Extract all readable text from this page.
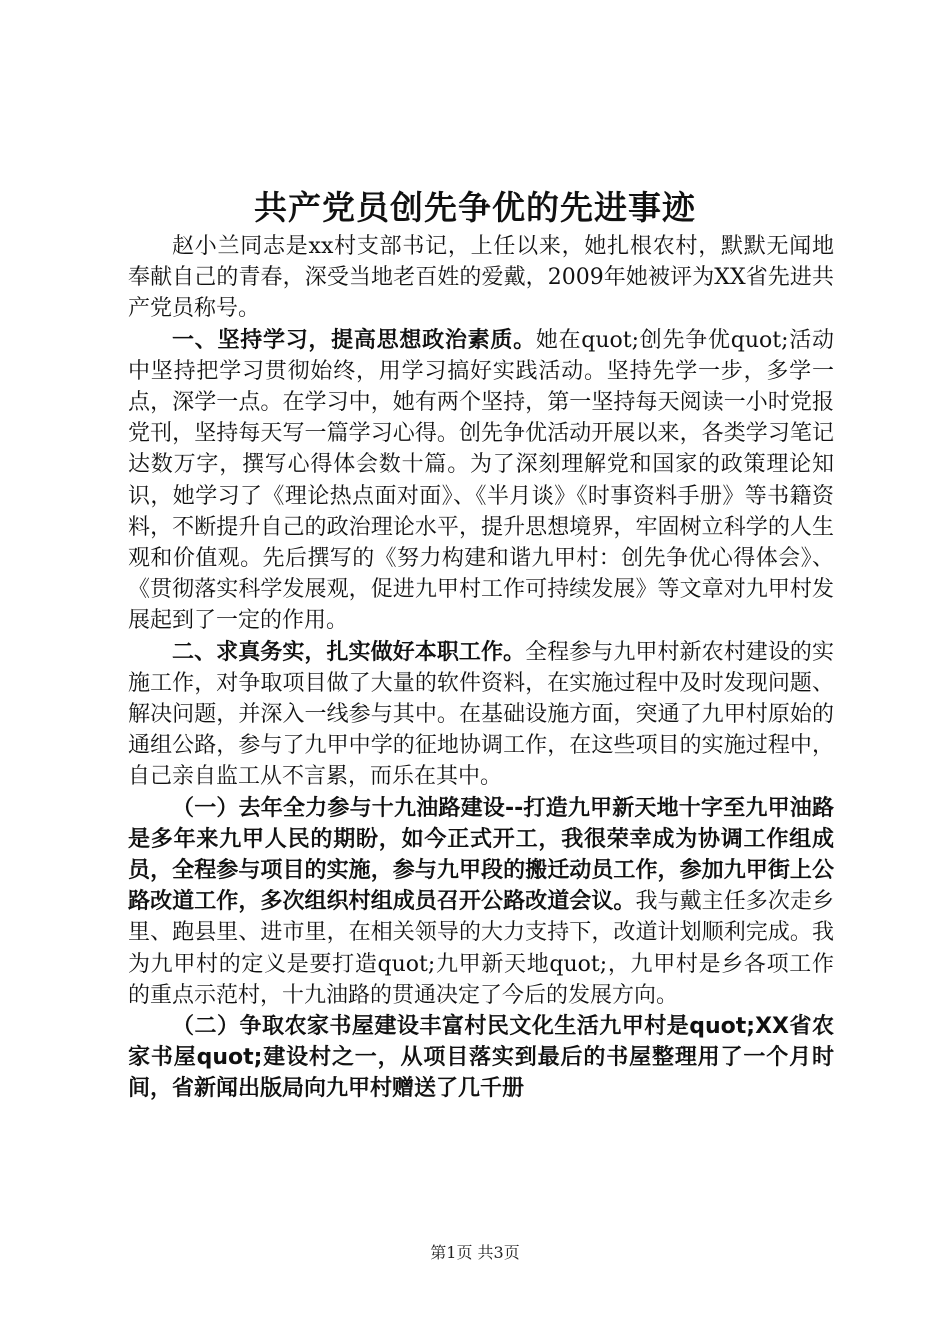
共产党员创先争优的先进事迹

赵小兰同志是xx村支部书记，上任以来，她扎根农村，默默无闻地奉献自己的青春，深受当地老百姓的爱戴，2009年她被评为XX省先进共产党员称号。

一、坚持学习，提高思想政治素质。她在quot;创先争优quot;活动中坚持把学习贯彻始终，用学习搞好实践活动。坚持先学一步，多学一点，深学一点。在学习中，她有两个坚持，第一坚持每天阅读一小时党报党刊，坚持每天写一篇学习心得。创先争优活动开展以来，各类学习笔记达数万字，撰写心得体会数十篇。为了深刻理解党和国家的政策理论知识，她学习了《理论热点面对面》、《半月谈》《时事资料手册》等书籍资料，不断提升自己的政治理论水平，提升思想境界，牢固树立科学的人生观和价值观。先后撰写的《努力构建和谐九甲村：创先争优心得体会》、《贯彻落实科学发展观，促进九甲村工作可持续发展》等文章对九甲村发展起到了一定的作用。

二、求真务实，扎实做好本职工作。全程参与九甲村新农村建设的实施工作，对争取项目做了大量的软件资料，在实施过程中及时发现问题、解决问题，并深入一线参与其中。在基础设施方面，突通了九甲村原始的通组公路，参与了九甲中学的征地协调工作，在这些项目的实施过程中，自己亲自监工从不言累，而乐在其中。

（一）去年全力参与十九油路建设--打造九甲新天地十字至九甲油路是多年来九甲人民的期盼，如今正式开工，我很荣幸成为协调工作组成员，全程参与项目的实施，参与九甲段的搬迁动员工作，参加九甲街上公路改道工作，多次组织村组成员召开公路改道会议。我与戴主任多次走乡里、跑县里、进市里，在相关领导的大力支持下，改道计划顺利完成。我为九甲村的定义是要打造quot;九甲新天地quot;，九甲村是乡各项工作的重点示范村，十九油路的贯通决定了今后的发展方向。

（二）争取农家书屋建设丰富村民文化生活九甲村是quot;XX省农家书屋quot;建设村之一，从项目落实到最后的书屋整理用了一个月时间，省新闻出版局向九甲村赠送了几千册

第1页 共3页
